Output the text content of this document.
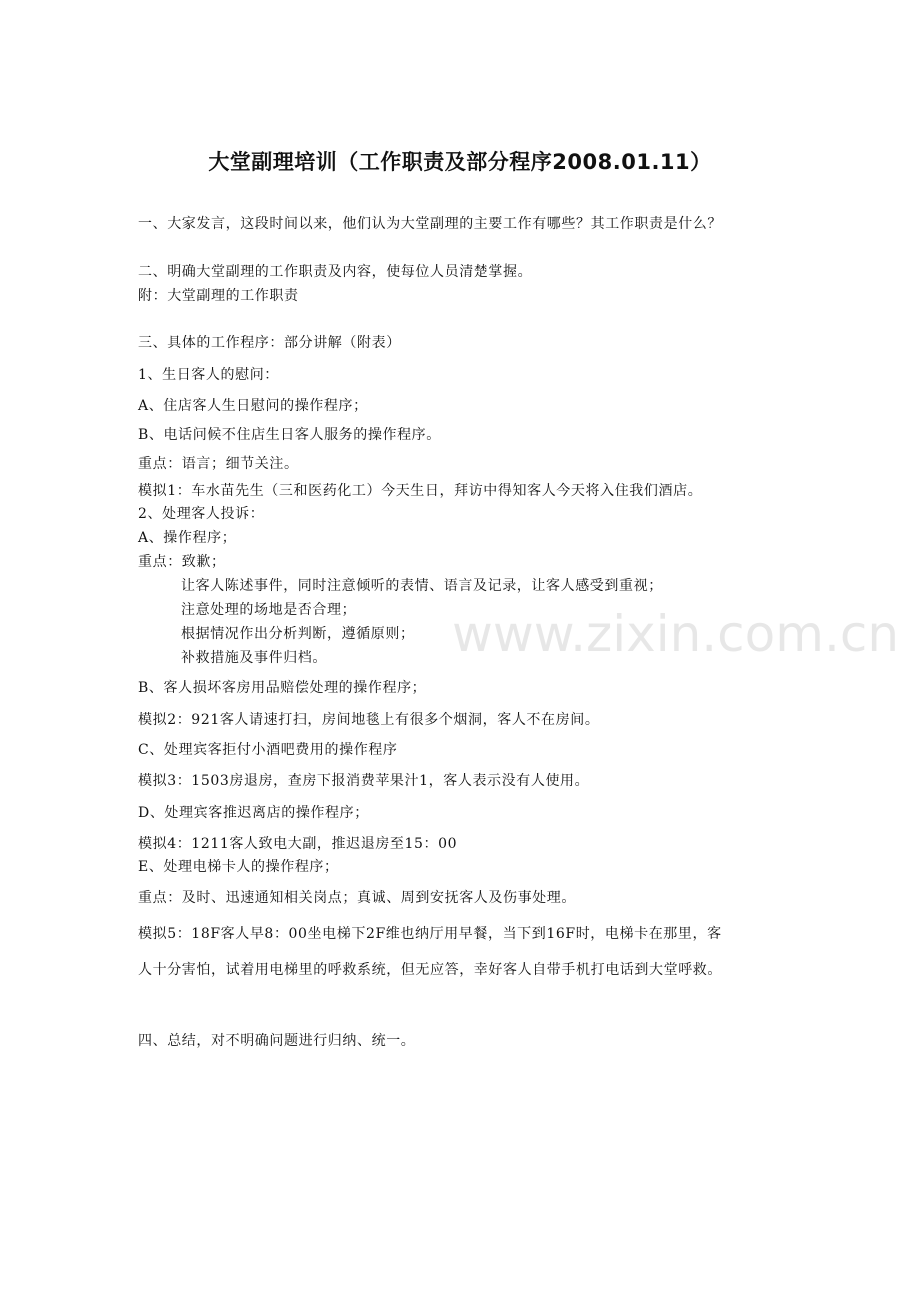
大堂副理培训（工作职责及部分程序2008.01.11）
一、大家发言，这段时间以来，他们认为大堂副理的主要工作有哪些？其工作职责是什么？
二、明确大堂副理的工作职责及内容，使每位人员清楚掌握。
附：大堂副理的工作职责
三、具体的工作程序：部分讲解（附表）
1、生日客人的慰问：
A、住店客人生日慰问的操作程序；
B、电话问候不住店生日客人服务的操作程序。
重点：语言；细节关注。
模拟1：车水苗先生（三和医药化工）今天生日，拜访中得知客人今天将入住我们酒店。
2、处理客人投诉：
A、操作程序；
重点：致歉；
让客人陈述事件，同时注意倾听的表情、语言及记录，让客人感受到重视；
注意处理的场地是否合理；
根据情况作出分析判断，遵循原则；
补救措施及事件归档。
B、客人损坏客房用品赔偿处理的操作程序；
模拟2：921客人请速打扫，房间地毯上有很多个烟洞，客人不在房间。
C、处理宾客拒付小酒吧费用的操作程序
模拟3：1503房退房，查房下报消费苹果汁1，客人表示没有人使用。
D、处理宾客推迟离店的操作程序；
模拟4：1211客人致电大副，推迟退房至15：00
E、处理电梯卡人的操作程序；
重点：及时、迅速通知相关岗点；真诚、周到安抚客人及伤事处理。
模拟5：18F客人早8：00坐电梯下2F维也纳厅用早餐，当下到16F时，电梯卡在那里，客
人十分害怕，试着用电梯里的呼救系统，但无应答，幸好客人自带手机打电话到大堂呼救。
四、总结，对不明确问题进行归纳、统一。
www.zixin.com.cn
